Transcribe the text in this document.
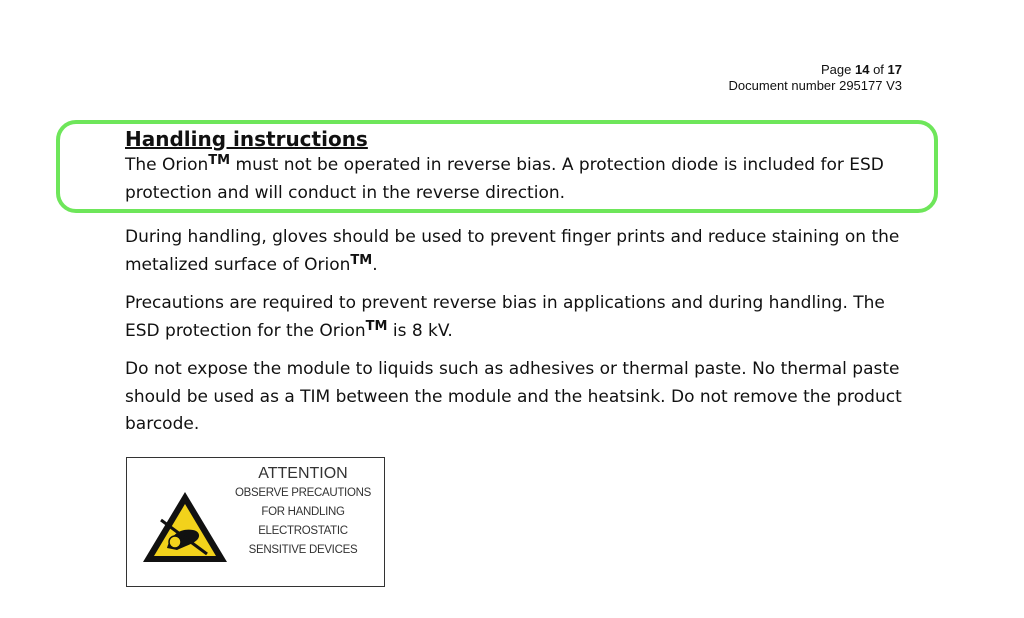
Page 14 of 17
Document number 295177 V3

Handling instructions

The Orion™ must not be operated in reverse bias. A protection diode is included for ESD protection and will conduct in the reverse direction.

During handling, gloves should be used to prevent finger prints and reduce staining on the metalized surface of Orion™.

Precautions are required to prevent reverse bias in applications and during handling. The ESD protection for the Orion™ is 8 kV.

Do not expose the module to liquids such as adhesives or thermal paste. No thermal paste should be used as a TIM between the module and the heatsink. Do not remove the product barcode.

ATTENTION
OBSERVE PRECAUTIONS
FOR HANDLING
ELECTROSTATIC
SENSITIVE DEVICES
